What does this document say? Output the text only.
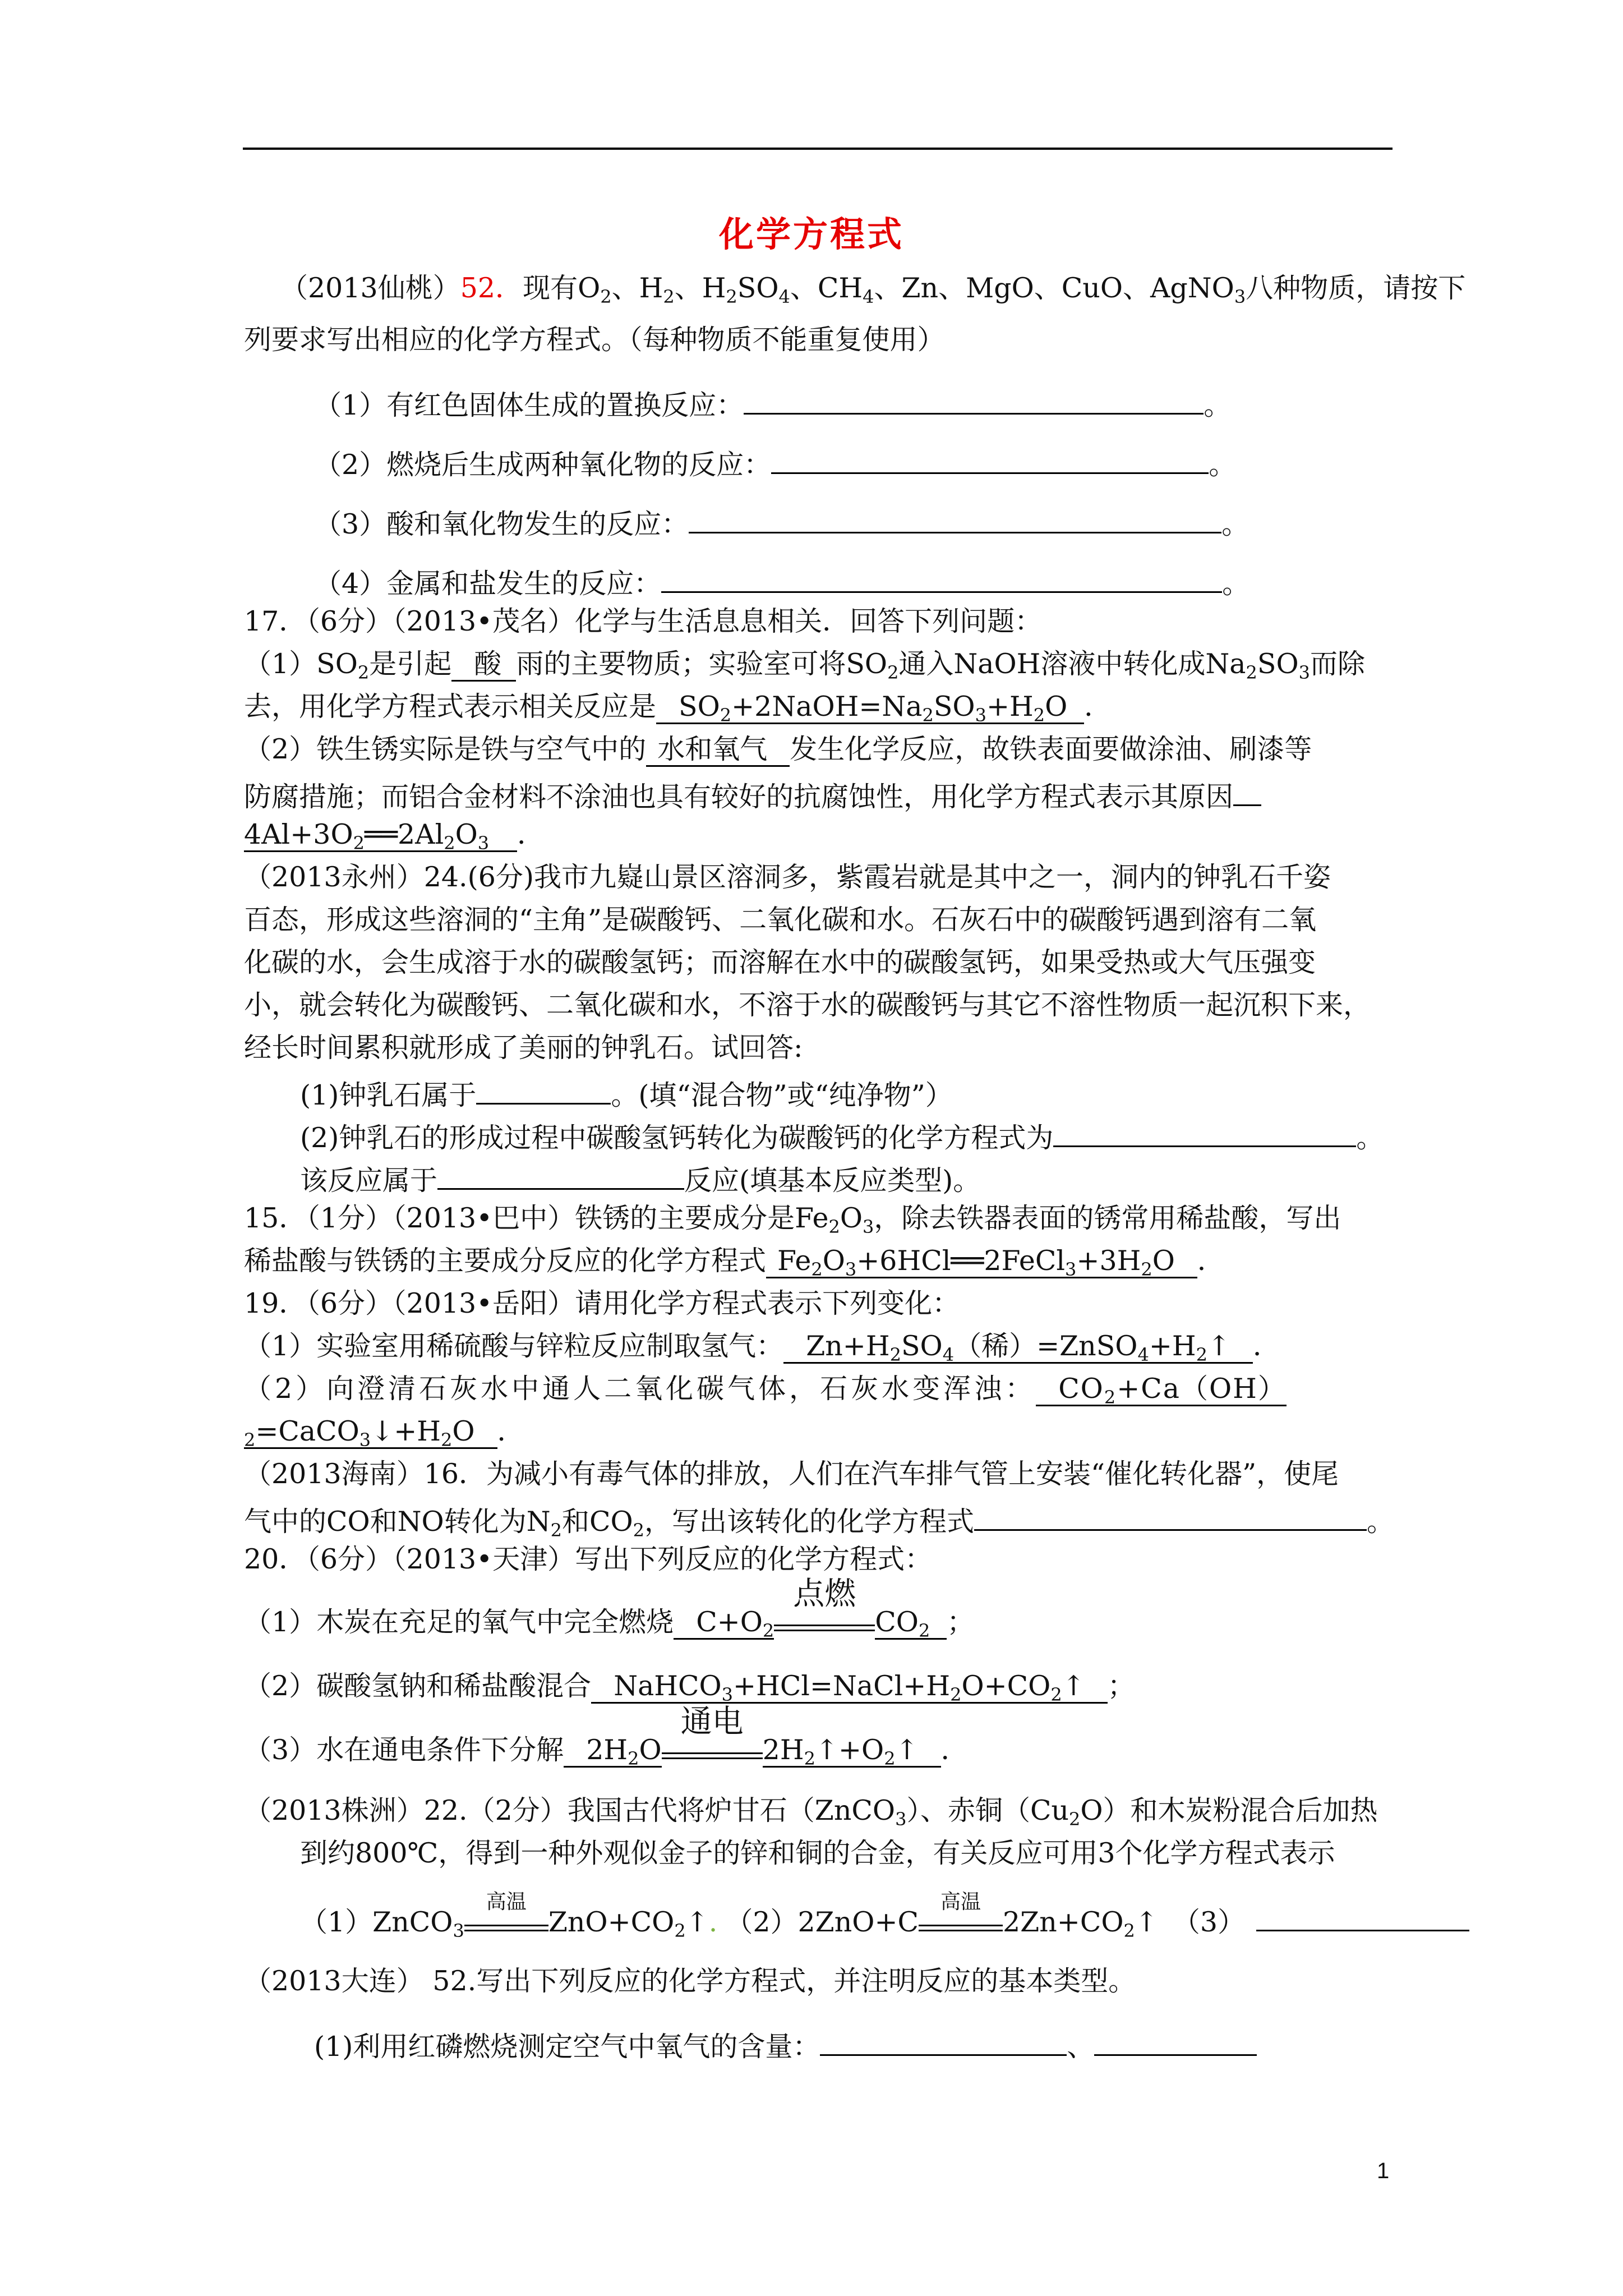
化学方程式
（2013仙桃）52．现有$O_2$、$H_2$、$H_2SO_4$、$CH_4$、Zn、MgO、CuO、AgNO$_3$八种物质，请按下
列要求写出相应的化学方程式。（每种物质不能重复使用）
（1）有红色固体生成的置换反应：	。
（2）燃烧后生成两种氧化物的反应：	。
（3）酸和氧化物发生的反应：	。
（4）金属和盐发生的反应：	。
17．（6分）（2013•茂名）化学与生活息息相关．回答下列问题：
$(1)SO_2$是引起 酸 雨的主要物质；实验室可将$SO_2$通入NaOH溶液中转化成$Na_2SO_3$而除
去，用化学方程式表示相关反应是 $SO_2+2NaOH=Na_2SO_3+H_2O$ ．
（2）铁生锈实际是铁与空气中的 水和氧气 发生化学反应，故铁表面要做涂油、刷漆等
防腐措施；而铝合金材料不涂油也具有较好的抗腐蚀性，用化学方程式表示其原因
$4Al+3O_2══2Al_2O_3$ ．
（2013永州）24.(6分)我市九嶷山景区溶洞多，紫霞岩就是其中之一，洞内的钟乳石千姿
百态，形成这些溶洞的“主角”是碳酸钙、二氧化碳和水。石灰石中的碳酸钙遇到溶有二氧
化碳的水，会生成溶于水的碳酸氢钙；而溶解在水中的碳酸氢钙，如果受热或大气压强变
小，就会转化为碳酸钙、二氧化碳和水，不溶于水的碳酸钙与其它不溶性物质一起沉积下来，
经长时间累积就形成了美丽的钟乳石。试回答:
(1)钟乳石属于	。(填“混合物”或“纯净物”）
(2)钟乳石的形成过程中碳酸氢钙转化为碳酸钙的化学方程式为	。
该反应属于	反应(填基本反应类型)。
15．（1分）（2013•巴中）铁锈的主要成分是$Fe_2O_3$，除去铁器表面的锈常用稀盐酸，写出
稀盐酸与铁锈的主要成分反应的化学方程式 $Fe_2O_3+6HCl══2FeCl_3+3H_2O$ ．
19．（6分）（2013•岳阳）请用化学方程式表示下列变化：
（1）实验室用稀硫酸与锌粒反应制取氢气： $Zn+H_2SO_4$（稀）$=ZnSO_4+H_2↑$ ．
（2）向澄清石灰水中通人二氧化碳气体，石灰水变浑浊： $CO_2+Ca(OH)$
$_2=CaCO_3↓+H_2O$ ．
（2013海南）16．为减小有毒气体的排放，人们在汽车排气管上安装“催化转化器”，使尾
气中的CO和NO转化为$N_2$和$CO_2$，写出该转化的化学方程式	。
20．（6分）（2013•天津）写出下列反应的化学方程式：
（1）木炭在充足的氧气中完全燃烧 $C+O_2$
点燃
$CO_2$ ；
（2）碳酸氢钠和稀盐酸混合 $NaHCO_3+HCl=NaCl+H_2O+CO_2↑$ ；
（3）水在通电条件下分解 $2H_2O$
通电
$2H_2↑+O_2↑$ ．
（2013株洲）22.（2分）我国古代将炉甘石（ZnCO$_3$）、赤铜$(Cu_2O)$和木炭粉混合后加热
到约800℃，得到一种外观似金子的锌和铜的合金，有关反应可用3个化学方程式表示
（1）ZnCO$_3$
高温
$ZnO+CO_2↑$. （2）2ZnO+C
高温
$2Zn+CO_2↑$ （3）
（2013大连） 52.写出下列反应的化学方程式，并注明反应的基本类型。
(1)利用红磷燃烧测定空气中氧气的含量：	、
1
